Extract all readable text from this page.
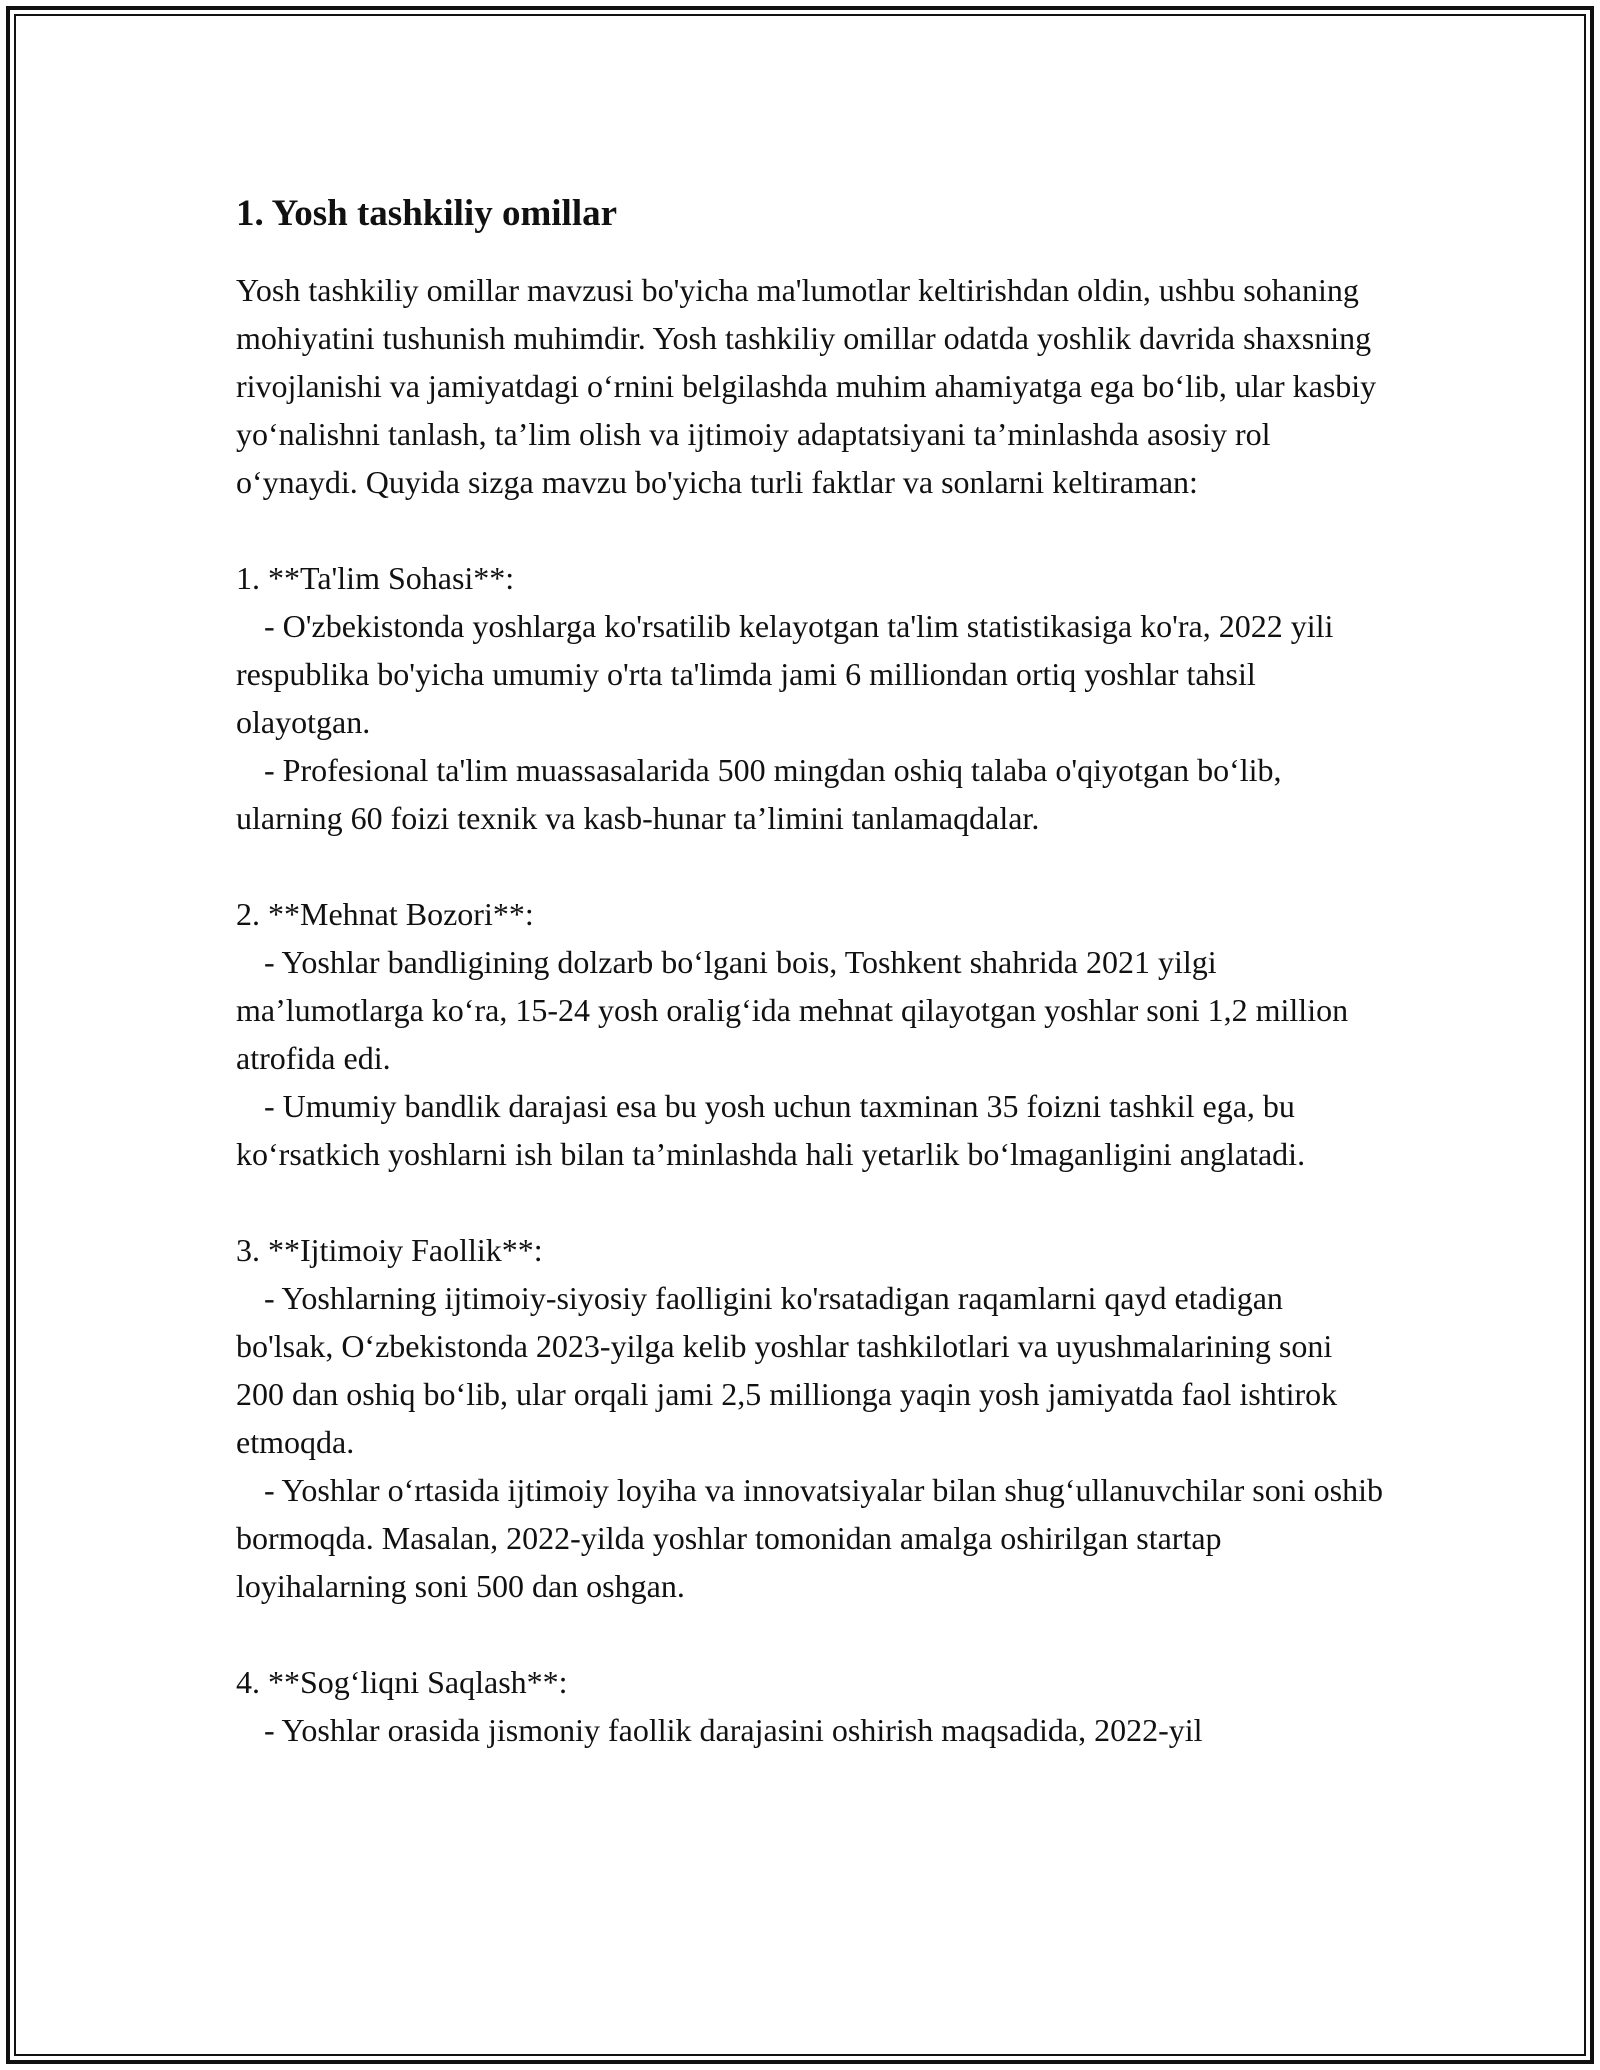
1. Yosh tashkiliy omillar

Yosh tashkiliy omillar mavzusi bo'yicha ma'lumotlar keltirishdan oldin, ushbu sohaning mohiyatini tushunish muhimdir. Yosh tashkiliy omillar odatda yoshlik davrida shaxsning rivojlanishi va jamiyatdagi o‘rnini belgilashda muhim ahamiyatga ega bo‘lib, ular kasbiy yo‘nalishni tanlash, ta’lim olish va ijtimoiy adaptatsiyani ta’minlashda asosiy rol o‘ynaydi. Quyida sizga mavzu bo'yicha turli faktlar va sonlarni keltiraman:

1. **Ta'lim Sohasi**:
- O'zbekistonda yoshlarga ko'rsatilib kelayotgan ta'lim statistikasiga ko'ra, 2022 yili respublika bo'yicha umumiy o'rta ta'limda jami 6 milliondan ortiq yoshlar tahsil olayotgan.
- Profesional ta'lim muassasalarida 500 mingdan oshiq talaba o'qiyotgan bo‘lib, ularning 60 foizi texnik va kasb-hunar ta’limini tanlamaqdalar.
2. **Mehnat Bozori**:
- Yoshlar bandligining dolzarb bo‘lgani bois, Toshkent shahrida 2021 yilgi ma’lumotlarga ko‘ra, 15-24 yosh oralig‘ida mehnat qilayotgan yoshlar soni 1,2 million atrofida edi.
- Umumiy bandlik darajasi esa bu yosh uchun taxminan 35 foizni tashkil ega, bu ko‘rsatkich yoshlarni ish bilan ta’minlashda hali yetarlik bo‘lmaganligini anglatadi.
3. **Ijtimoiy Faollik**:
- Yoshlarning ijtimoiy-siyosiy faolligini ko'rsatadigan raqamlarni qayd etadigan bo'lsak, O‘zbekistonda 2023-yilga kelib yoshlar tashkilotlari va uyushmalarining soni 200 dan oshiq bo‘lib, ular orqali jami 2,5 millionga yaqin yosh jamiyatda faol ishtirok etmoqda.
- Yoshlar o‘rtasida ijtimoiy loyiha va innovatsiyalar bilan shug‘ullanuvchilar soni oshib bormoqda. Masalan, 2022-yilda yoshlar tomonidan amalga oshirilgan startap loyihalarning soni 500 dan oshgan.
4. **Sog‘liqni Saqlash**:
- Yoshlar orasida jismoniy faollik darajasini oshirish maqsadida, 2022-yil
